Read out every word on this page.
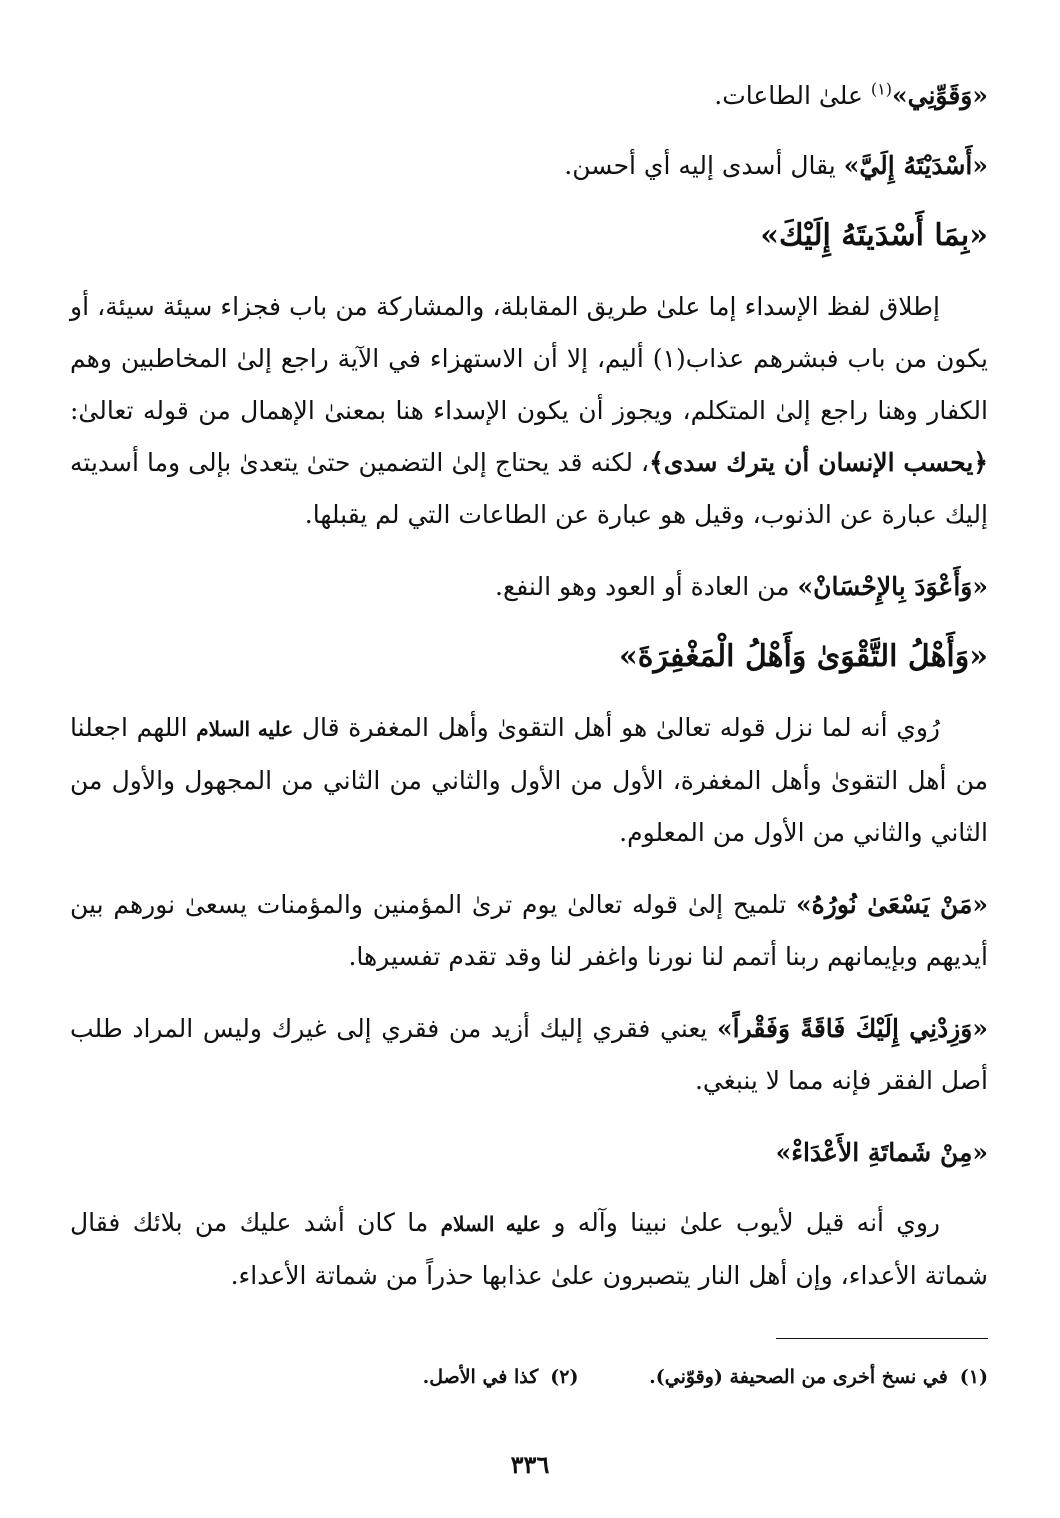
«وَقَوِّنِي»$^{(١)}$ علىٰ الطاعات.

«أَسْدَيْتَهُ إِلَيَّ» يقال أسدى إليه أي أحسن.

«بِمَا أَسْدَيتَهُ إِلَيْكَ»

إطلاق لفظ الإسداء إما علىٰ طريق المقابلة، والمشاركة من باب فجزاء سيئة سيئة، أو يكون من باب فبشرهم عذاب(١) أليم، إلا أن الاستهزاء في الآية راجع إلىٰ المخاطبين وهم الكفار وهنا راجع إلىٰ المتكلم، ويجوز أن يكون الإسداء هنا بمعنىٰ الإهمال من قوله تعالىٰ: ﴿يحسب الإنسان أن يترك سدى﴾، لكنه قد يحتاج إلىٰ التضمين حتىٰ يتعدىٰ بإلى وما أسديته إليك عبارة عن الذنوب، وقيل هو عبارة عن الطاعات التي لم يقبلها.

«وَأَعْوَدَ بِالإِحْسَانْ» من العادة أو العود وهو النفع.

«وَأَهْلُ التَّقْوَىٰ وَأَهْلُ الْمَغْفِرَةَ»

رُوي أنه لما نزل قوله تعالىٰ هو أهل التقوىٰ وأهل المغفرة قال عليه السلام اللهم اجعلنا من أهل التقوىٰ وأهل المغفرة، الأول من الأول والثاني من الثاني من المجهول والأول من الثاني والثاني من الأول من المعلوم.

«مَنْ يَسْعَىٰ نُورُهُ» تلميح إلىٰ قوله تعالىٰ يوم ترىٰ المؤمنين والمؤمنات يسعىٰ نورهم بين أيديهم وبإيمانهم ربنا أتمم لنا نورنا واغفر لنا وقد تقدم تفسيرها.

«وَزِدْنِي إِلَيْكَ فَاقَةً وَفَقْراً» يعني فقري إليك أزيد من فقري إلى غيرك وليس المراد طلب أصل الفقر فإنه مما لا ينبغي.

«مِنْ شَماتَةِ الأَعْدَاءْ»

روي أنه قيل لأيوب علىٰ نبينا وآله و عليه السلام ما كان أشد عليك من بلائك فقال شماتة الأعداء، وإن أهل النار يتصبرون علىٰ عذابها حذراً من شماتة الأعداء.

(١)في نسخ أخرى من الصحيفة (وقوّني). (٢)كذا في الأصل.
٣٣٦
